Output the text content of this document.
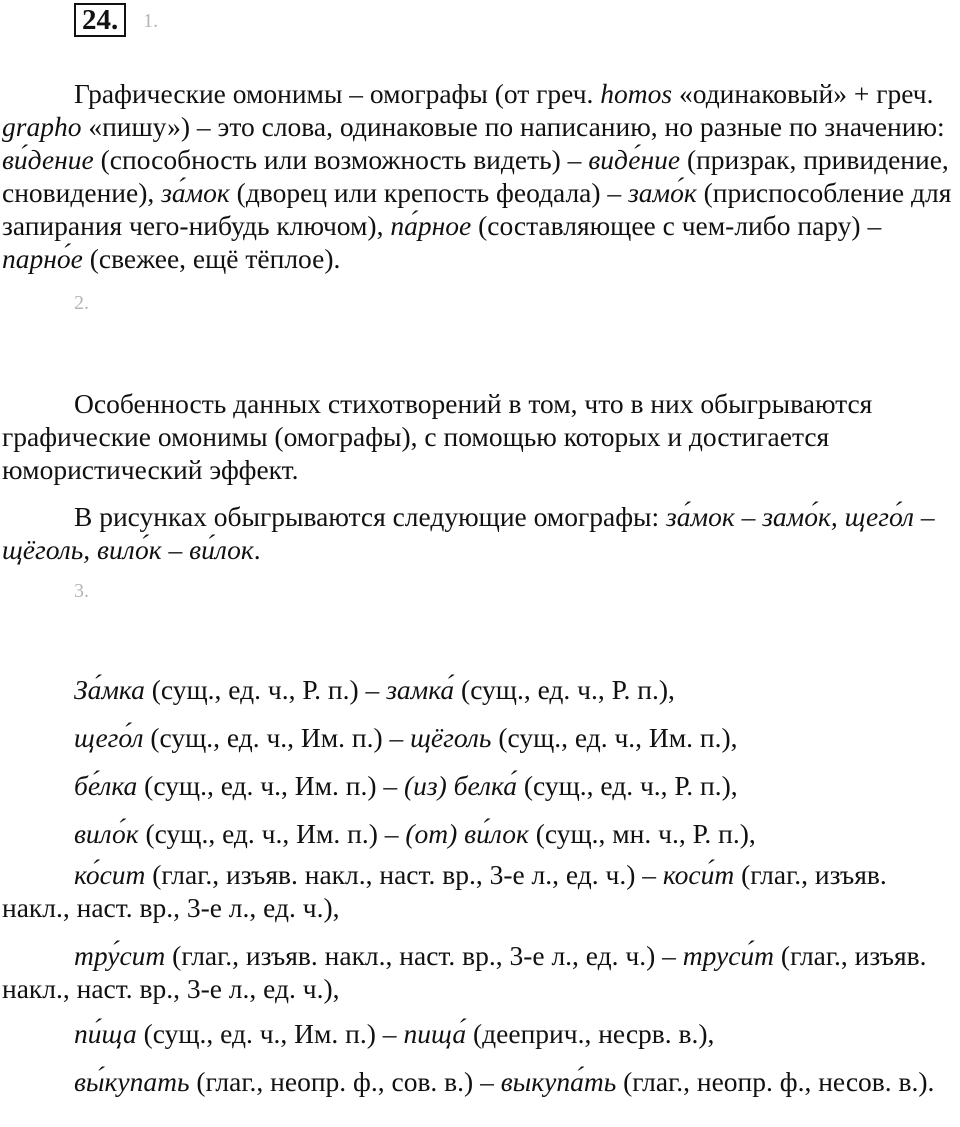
24. 1.

Графические омонимы – омографы (от греч. homos «одинаковый» + греч. grapho «пишу») – это слова, одинаковые по написанию, но разные по значению: ви́дение (способность или возможность видеть) – виде́ние (призрак, привидение, сновидение), за́мок (дворец или крепость феодала) – замо́к (приспособление для запирания чего-нибудь ключом), па́рное (составляющее с чем-либо пару) – парно́е (свежее, ещё тёплое).

2.

Особенность данных стихотворений в том, что в них обыгрываются графические омонимы (омографы), с помощью которых и достигается юмористический эффект.

В рисунках обыгрываются следующие омографы: за́мок – замо́к, щего́л – щёголь, вило́к – ви́лок.

3.

За́мка (сущ., ед. ч., Р. п.) – замка́ (сущ., ед. ч., Р. п.),

щего́л (сущ., ед. ч., Им. п.) – щёголь (сущ., ед. ч., Им. п.),

бе́лка (сущ., ед. ч., Им. п.) – (из) белка́ (сущ., ед. ч., Р. п.),

вило́к (сущ., ед. ч., Им. п.) – (от) ви́лок (сущ., мн. ч., Р. п.),

ко́сит (глаг., изъяв. накл., наст. вр., 3-е л., ед. ч.) – коси́т (глаг., изъяв. накл., наст. вр., 3-е л., ед. ч.),

тру́сит (глаг., изъяв. накл., наст. вр., 3-е л., ед. ч.) – труси́т (глаг., изъяв. накл., наст. вр., 3-е л., ед. ч.),

пи́ща (сущ., ед. ч., Им. п.) – пища́ (дееприч., несрв. в.),

вы́купать (глаг., неопр. ф., сов. в.) – выкупа́ть (глаг., неопр. ф., несов. в.).
